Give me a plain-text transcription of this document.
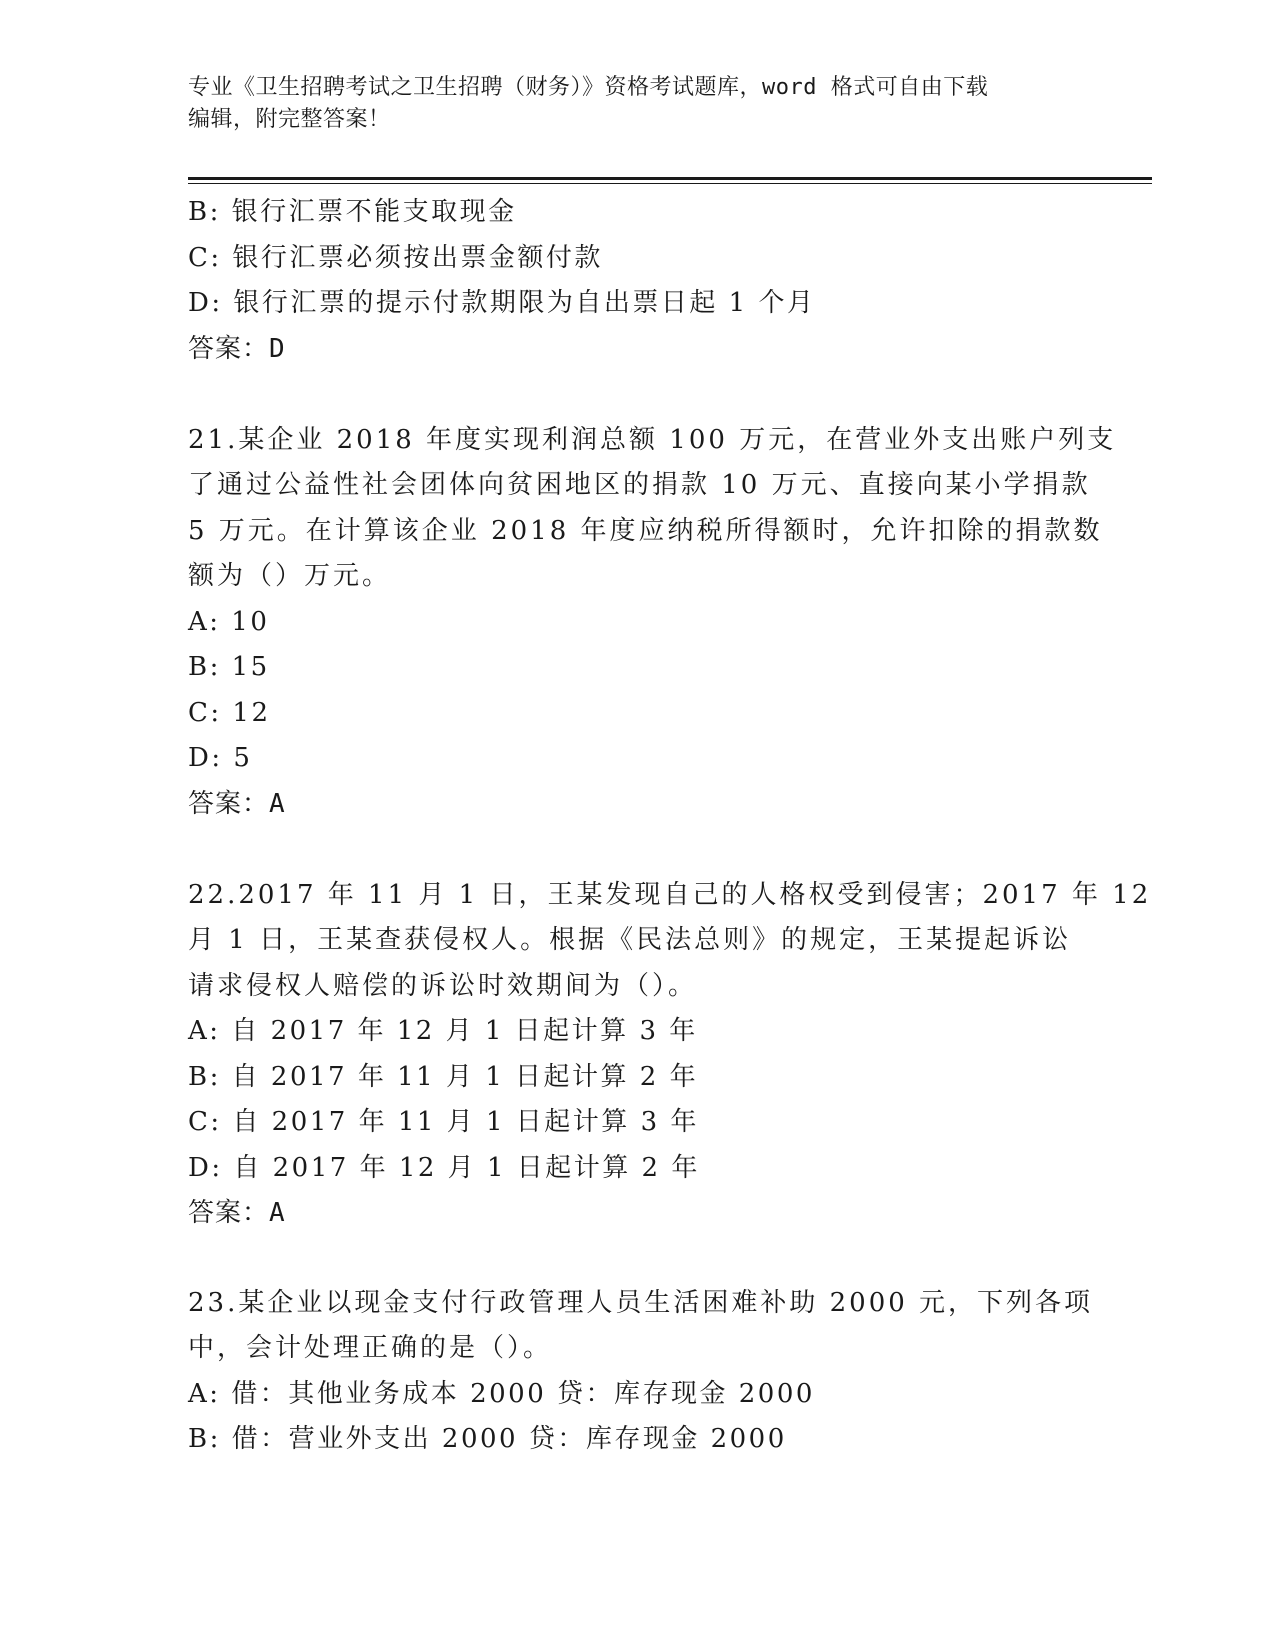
专业《卫生招聘考试之卫生招聘（财务）》资格考试题库，word 格式可自由下载
编辑，附完整答案！
B: 银行汇票不能支取现金
C: 银行汇票必须按出票金额付款
D: 银行汇票的提示付款期限为自出票日起 1 个月
答案：D
21.某企业 2018 年度实现利润总额 100 万元，在营业外支出账户列支
了通过公益性社会团体向贫困地区的捐款 10 万元、直接向某小学捐款
5 万元。在计算该企业 2018 年度应纳税所得额时，允许扣除的捐款数
额为（）万元。
A: 10
B: 15
C: 12
D: 5
答案：A
22.2017 年 11 月 1 日，王某发现自己的人格权受到侵害；2017 年 12
月 1 日，王某查获侵权人。根据《民法总则》的规定，王某提起诉讼
请求侵权人赔偿的诉讼时效期间为（）。
A: 自 2017 年 12 月 1 日起计算 3 年
B: 自 2017 年 11 月 1 日起计算 2 年
C: 自 2017 年 11 月 1 日起计算 3 年
D: 自 2017 年 12 月 1 日起计算 2 年
答案：A
23.某企业以现金支付行政管理人员生活困难补助 2000 元，下列各项
中，会计处理正确的是（）。
A: 借：其他业务成本 2000 贷：库存现金 2000
B: 借：营业外支出 2000 贷：库存现金 2000
